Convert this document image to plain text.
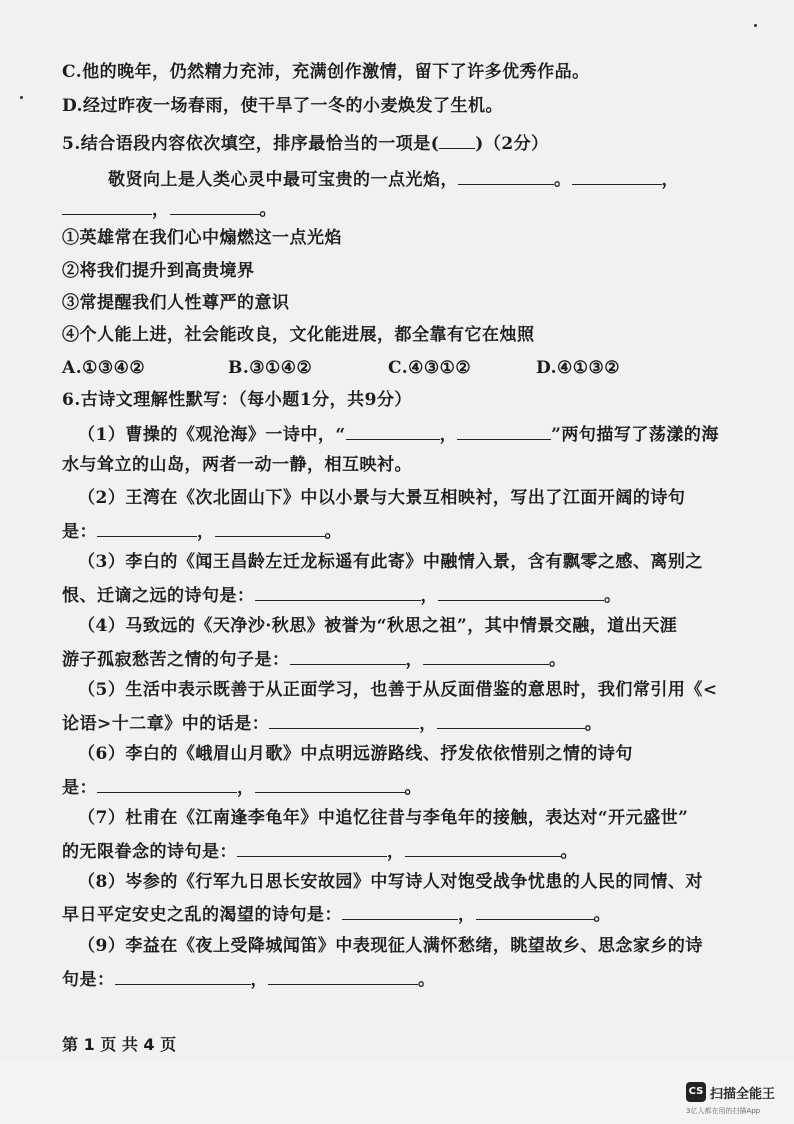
C.他的晚年，仍然精力充沛，充满创作激情，留下了许多优秀作品。
D.经过昨夜一场春雨，使干旱了一冬的小麦焕发了生机。
5.结合语段内容依次填空，排序最恰当的一项是( )（2分）
敬贤向上是人类心灵中最可宝贵的一点光焰，	。	，
，	。
①英雄常在我们心中煽燃这一点光焰
②将我们提升到高贵境界
③常提醒我们人性尊严的意识
④个人能上进，社会能改良，文化能进展，都全靠有它在烛照
A.①③④②	B.③①④②	C.④③①②	D.④①③②
6.古诗文理解性默写：（每小题1分，共9分）
（1）曹操的《观沧海》一诗中，“	，	”两句描写了荡漾的海
水与耸立的山岛，两者一动一静，相互映衬。
（2）王湾在《次北固山下》中以小景与大景互相映衬，写出了江面开阔的诗句
是：	，	。
（3）李白的《闻王昌龄左迁龙标遥有此寄》中融情入景，含有飘零之感、离别之
恨、迁谪之远的诗句是：	，	。
（4）马致远的《天净沙·秋思》被誉为“秋思之祖”，其中情景交融，道出天涯
游子孤寂愁苦之情的句子是：	，	。
（5）生活中表示既善于从正面学习，也善于从反面借鉴的意思时，我们常引用《<
论语>十二章》中的话是：	，	。
（6）李白的《峨眉山月歌》中点明远游路线、抒发依依惜别之情的诗句
是：	，	。
（7）杜甫在《江南逢李龟年》中追忆往昔与李龟年的接触，表达对“开元盛世”
的无限眷念的诗句是：	，	。
（8）岑参的《行军九日思长安故园》中写诗人对饱受战争忧患的人民的同情、对
早日平定安史之乱的渴望的诗句是：	，	。
（9）李益在《夜上受降城闻笛》中表现征人满怀愁绪，眺望故乡、思念家乡的诗
句是：	，	。
第 1 页 共 4 页
CS 扫描全能王
3亿人都在用的扫描App
